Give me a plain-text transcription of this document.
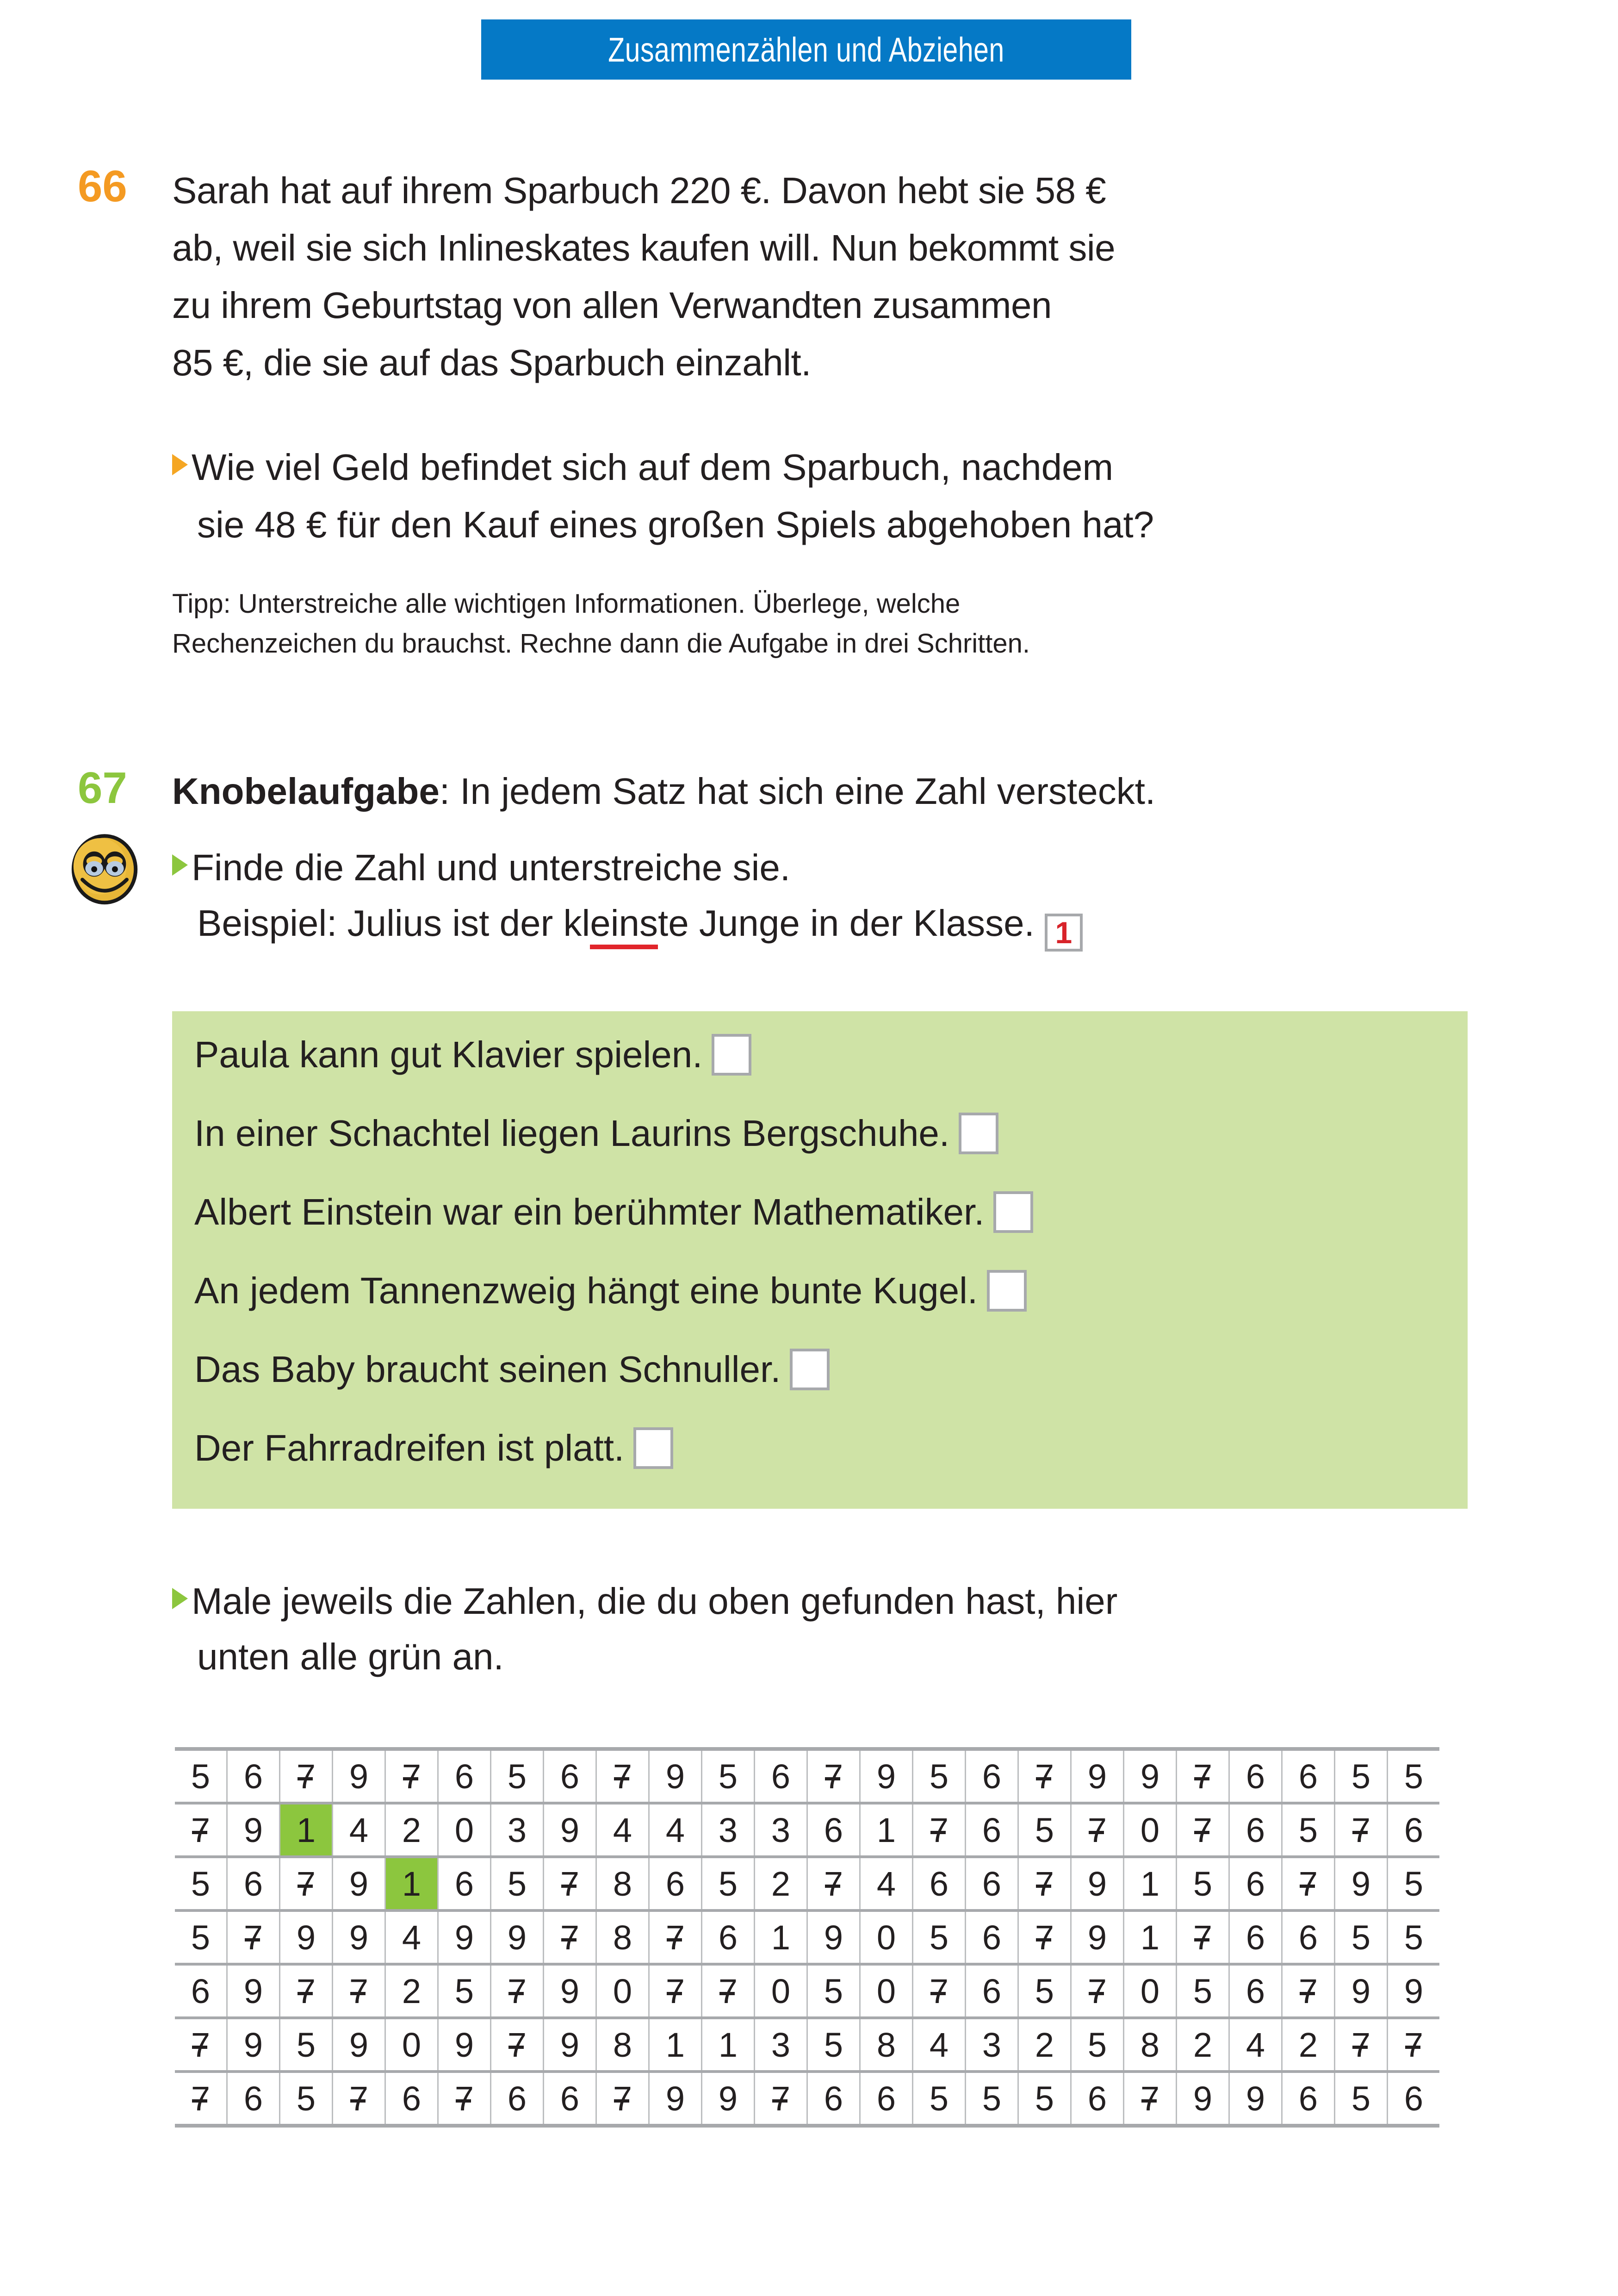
Zusammenzählen und Abziehen
66 Sarah hat auf ihrem Sparbuch 220 €. Davon hebt sie 58 €
ab, weil sie sich Inlineskates kaufen will. Nun bekommt sie
zu ihrem Geburtstag von allen Verwandten zusammen
85 €, die sie auf das Sparbuch einzahlt.
Wie viel Geld befindet sich auf dem Sparbuch, nachdem
sie 48 € für den Kauf eines großen Spiels abgehoben hat?
Tipp: Unterstreiche alle wichtigen Informationen. Überlege, welche
Rechenzeichen du brauchst. Rechne dann die Aufgabe in drei Schritten.
67 Knobelaufgabe: In jedem Satz hat sich eine Zahl versteckt.
Finde die Zahl und unterstreiche sie.
Beispiel: Julius ist der kleinste Junge in der Klasse. 1
Paula kann gut Klavier spielen.
In einer Schachtel liegen Laurins Bergschuhe.
Albert Einstein war ein berühmter Mathematiker.
An jedem Tannenzweig hängt eine bunte Kugel.
Das Baby braucht seinen Schnuller.
Der Fahrradreifen ist platt.
Male jeweils die Zahlen, die du oben gefunden hast, hier
unten alle grün an.
5	6	7	9	7	6	5	6	7	9	5	6	7	9	5	6	7	9	9	7	6	6	5	5
7	9	1	4	2	0	3	9	4	4	3	3	6	1	7	6	5	7	0	7	6	5	7	6
5	6	7	9	1	6	5	7	8	6	5	2	7	4	6	6	7	9	1	5	6	7	9	5
5	7	9	9	4	9	9	7	8	7	6	1	9	0	5	6	7	9	1	7	6	6	5	5
6	9	7	7	2	5	7	9	0	7	7	0	5	0	7	6	5	7	0	5	6	7	9	9
7	9	5	9	0	9	7	9	8	1	1	3	5	8	4	3	2	5	8	2	4	2	7	7
7	6	5	7	6	7	6	6	7	9	9	7	6	6	5	5	5	6	7	9	9	6	5	6
